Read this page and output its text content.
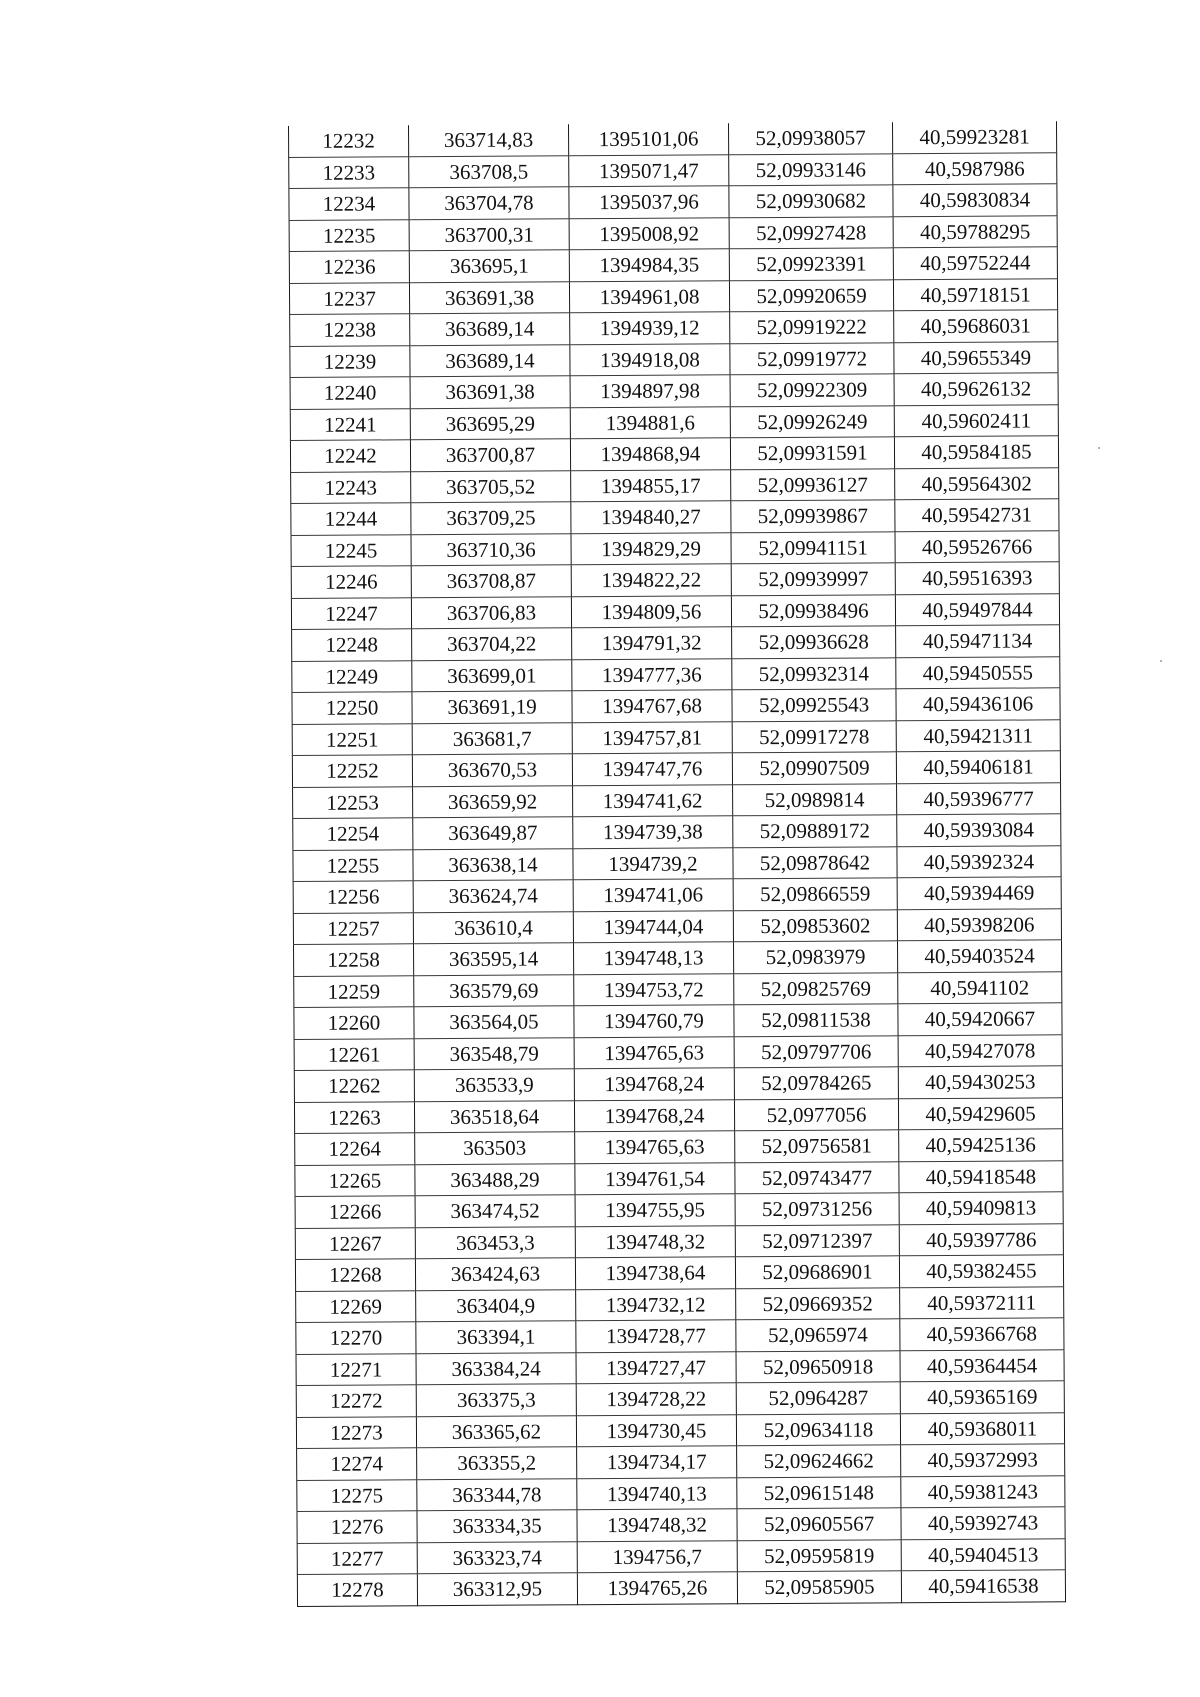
12232	363714,83	1395101,06	52,09938057	40,59923281
12233	363708,5	1395071,47	52,09933146	40,5987986
12234	363704,78	1395037,96	52,09930682	40,59830834
12235	363700,31	1395008,92	52,09927428	40,59788295
12236	363695,1	1394984,35	52,09923391	40,59752244
12237	363691,38	1394961,08	52,09920659	40,59718151
12238	363689,14	1394939,12	52,09919222	40,59686031
12239	363689,14	1394918,08	52,09919772	40,59655349
12240	363691,38	1394897,98	52,09922309	40,59626132
12241	363695,29	1394881,6	52,09926249	40,59602411
12242	363700,87	1394868,94	52,09931591	40,59584185
12243	363705,52	1394855,17	52,09936127	40,59564302
12244	363709,25	1394840,27	52,09939867	40,59542731
12245	363710,36	1394829,29	52,09941151	40,59526766
12246	363708,87	1394822,22	52,09939997	40,59516393
12247	363706,83	1394809,56	52,09938496	40,59497844
12248	363704,22	1394791,32	52,09936628	40,59471134
12249	363699,01	1394777,36	52,09932314	40,59450555
12250	363691,19	1394767,68	52,09925543	40,59436106
12251	363681,7	1394757,81	52,09917278	40,59421311
12252	363670,53	1394747,76	52,09907509	40,59406181
12253	363659,92	1394741,62	52,0989814	40,59396777
12254	363649,87	1394739,38	52,09889172	40,59393084
12255	363638,14	1394739,2	52,09878642	40,59392324
12256	363624,74	1394741,06	52,09866559	40,59394469
12257	363610,4	1394744,04	52,09853602	40,59398206
12258	363595,14	1394748,13	52,0983979	40,59403524
12259	363579,69	1394753,72	52,09825769	40,5941102
12260	363564,05	1394760,79	52,09811538	40,59420667
12261	363548,79	1394765,63	52,09797706	40,59427078
12262	363533,9	1394768,24	52,09784265	40,59430253
12263	363518,64	1394768,24	52,0977056	40,59429605
12264	363503	1394765,63	52,09756581	40,59425136
12265	363488,29	1394761,54	52,09743477	40,59418548
12266	363474,52	1394755,95	52,09731256	40,59409813
12267	363453,3	1394748,32	52,09712397	40,59397786
12268	363424,63	1394738,64	52,09686901	40,59382455
12269	363404,9	1394732,12	52,09669352	40,59372111
12270	363394,1	1394728,77	52,0965974	40,59366768
12271	363384,24	1394727,47	52,09650918	40,59364454
12272	363375,3	1394728,22	52,0964287	40,59365169
12273	363365,62	1394730,45	52,09634118	40,59368011
12274	363355,2	1394734,17	52,09624662	40,59372993
12275	363344,78	1394740,13	52,09615148	40,59381243
12276	363334,35	1394748,32	52,09605567	40,59392743
12277	363323,74	1394756,7	52,09595819	40,59404513
12278	363312,95	1394765,26	52,09585905	40,59416538
